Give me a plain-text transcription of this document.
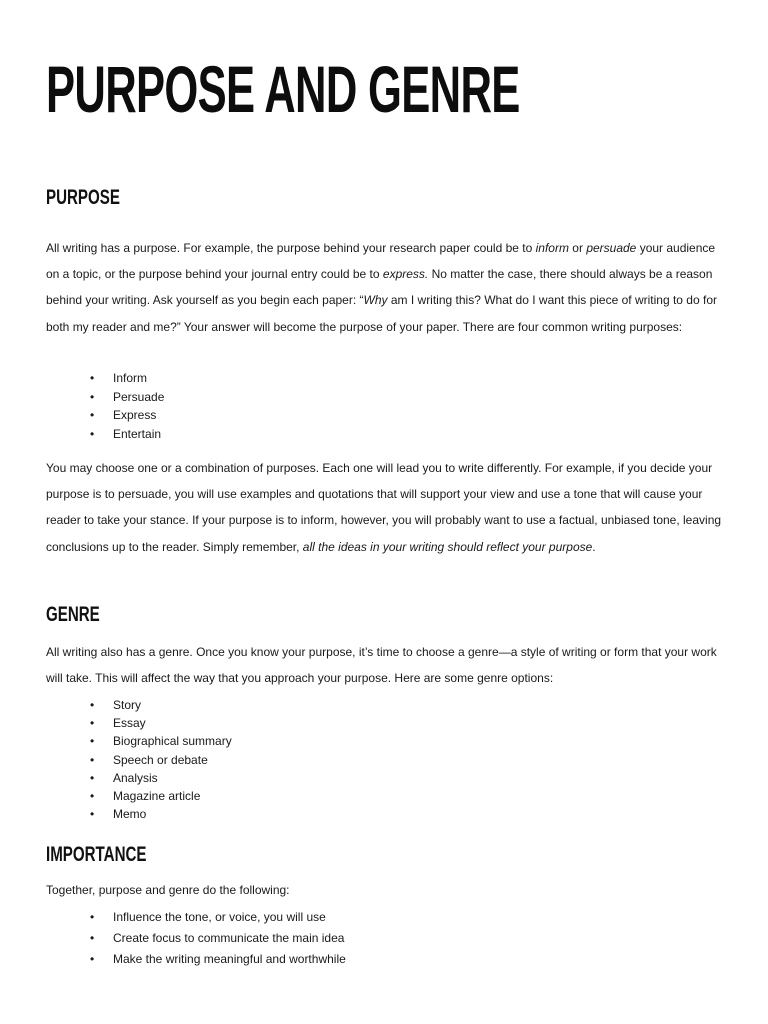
PURPOSE AND GENRE
PURPOSE

All writing has a purpose. For example, the purpose behind your research paper could be to inform or persuade your audience on a topic, or the purpose behind your journal entry could be to express. No matter the case, there should always be a reason behind your writing. Ask yourself as you begin each paper: “Why am I writing this? What do I want this piece of writing to do for both my reader and me?” Your answer will become the purpose of your paper. There are four common writing purposes:

• Inform
• Persuade
• Express
• Entertain

You may choose one or a combination of purposes. Each one will lead you to write differently. For example, if you decide your purpose is to persuade, you will use examples and quotations that will support your view and use a tone that will cause your reader to take your stance. If your purpose is to inform, however, you will probably want to use a factual, unbiased tone, leaving conclusions up to the reader. Simply remember, all the ideas in your writing should reflect your purpose.

GENRE

All writing also has a genre. Once you know your purpose, it’s time to choose a genre—a style of writing or form that your work will take. This will affect the way that you approach your purpose. Here are some genre options:

• Story
• Essay
• Biographical summary
• Speech or debate
• Analysis
• Magazine article
• Memo
IMPORTANCE

Together, purpose and genre do the following:

• Influence the tone, or voice, you will use
• Create focus to communicate the main idea
• Make the writing meaningful and worthwhile
